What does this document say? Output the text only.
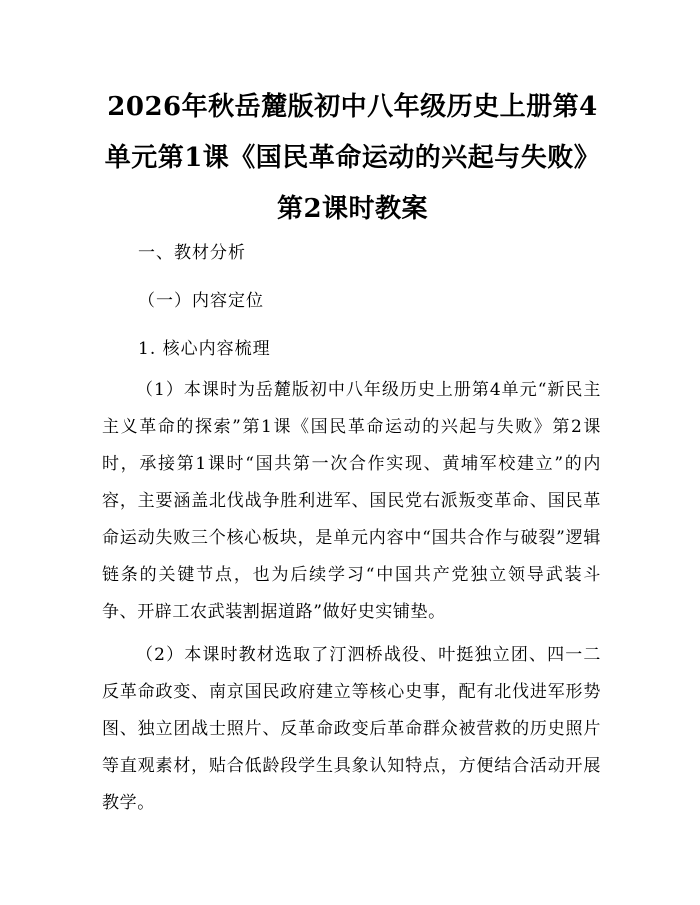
2026年秋岳麓版初中八年级历史上册第4单元第1课《国民革命运动的兴起与失败》第2课时教案

一、教材分析

（一）内容定位

1. 核心内容梳理

（1）本课时为岳麓版初中八年级历史上册第4单元“新民主主义革命的探索”第1课《国民革命运动的兴起与失败》第2课时，承接第1课时“国共第一次合作实现、黄埔军校建立”的内容，主要涵盖北伐战争胜利进军、国民党右派叛变革命、国民革命运动失败三个核心板块，是单元内容中“国共合作与破裂”逻辑链条的关键节点，也为后续学习“中国共产党独立领导武装斗争、开辟工农武装割据道路”做好史实铺垫。

（2）本课时教材选取了汀泗桥战役、叶挺独立团、四一二反革命政变、南京国民政府建立等核心史事，配有北伐进军形势图、独立团战士照片、反革命政变后革命群众被营救的历史照片等直观素材，贴合低龄段学生具象认知特点，方便结合活动开展教学。
